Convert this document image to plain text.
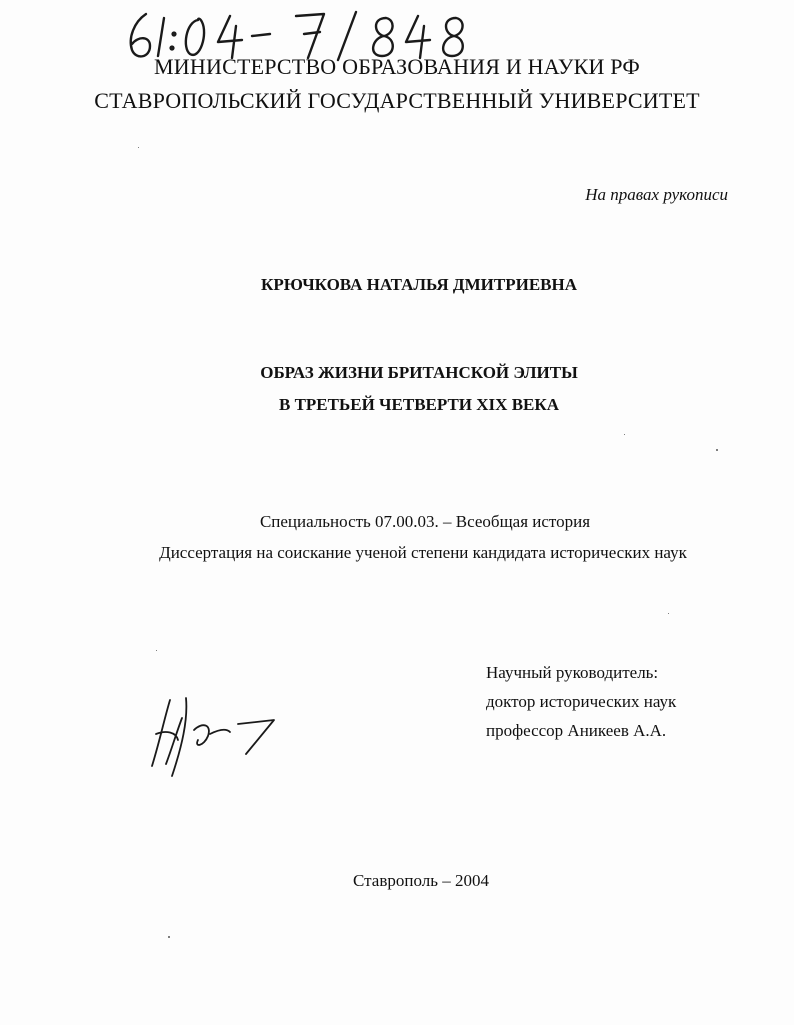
МИНИСТЕРСТВО ОБРАЗОВАНИЯ И НАУКИ РФ
СТАВРОПОЛЬСКИЙ ГОСУДАРСТВЕННЫЙ УНИВЕРСИТЕТ
На правах рукописи
КРЮЧКОВА НАТАЛЬЯ ДМИТРИЕВНА
ОБРАЗ ЖИЗНИ БРИТАНСКОЙ ЭЛИТЫ
В ТРЕТЬЕЙ ЧЕТВЕРТИ XIX ВЕКА
Специальность 07.00.03. – Всеобщая история
Диссертация на соискание ученой степени кандидата исторических наук
Научный руководитель:
доктор исторических наук
профессор Аникеев А.А.
Ставрополь – 2004
